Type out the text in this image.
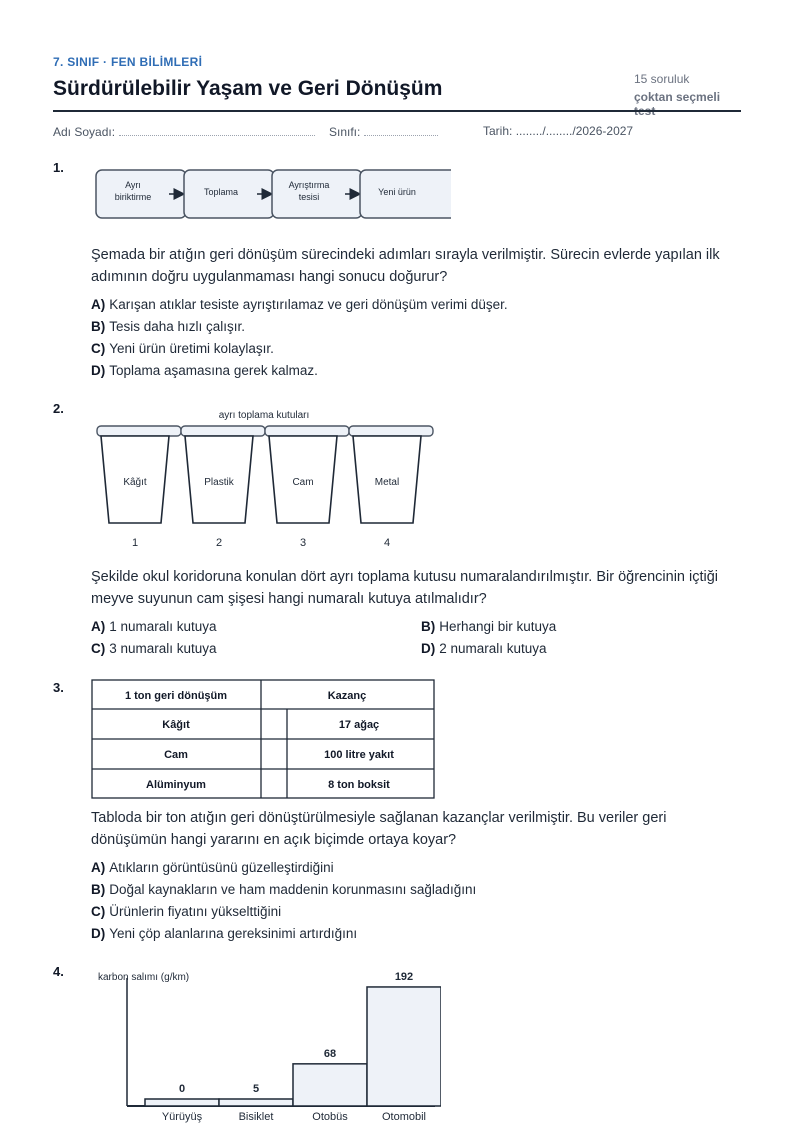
7. SINIF · FEN BİLİMLERİ
Sürdürülebilir Yaşam ve Geri Dönüşüm	15 soruluk
çoktan seçmeli test
Adı Soyadı:	Sınıfı:	Tarih: ......../......../2026-2027
1.
Ayrı
biriktirme	Toplama
Ayrıştırma
tesisi	Yeni ürün

Şemada bir atığın geri dönüşüm sürecindeki adımları sırayla verilmiştir. Sürecin evlerde yapılan ilk adımının doğru uygulanmaması hangi sonucu doğurur?

A) Karışan atıklar tesiste ayrıştırılamaz ve geri dönüşüm verimi düşer.
B) Tesis daha hızlı çalışır.
C) Yeni ürün üretimi kolaylaşır.
D) Toplama aşamasına gerek kalmaz.
2.	ayrı toplama kutuları
Kâğıt
1
Plastik
2
Cam
3
Metal
4

Şekilde okul koridoruna konulan dört ayrı toplama kutusu numaralandırılmıştır. Bir öğrencinin içtiği meyve suyunun cam şişesi hangi numaralı kutuya atılmalıdır?

A) 1 numaralı kutuya	B) Herhangi bir kutuya
C) 3 numaralı kutuya	D) 2 numaralı kutuya
3.
1 ton geri dönüşüm	Kazanç
Kâğıt	17 ağaç
Cam	100 litre yakıt
Alüminyum	8 ton boksit

Tabloda bir ton atığın geri dönüştürülmesiyle sağlanan kazançlar verilmiştir. Bu veriler geri dönüşümün hangi yararını en açık biçimde ortaya koyar?

A) Atıkların görüntüsünü güzelleştirdiğini
B) Doğal kaynakların ve ham maddenin korunmasını sağladığını
C) Ürünlerin fiyatını yükselttiğini
D) Yeni çöp alanlarına gereksinimi artırdığını
4.	karbon salımı (g/km)
0
Yürüyüş
5
Bisiklet
68
Otobüs
192
Otomobil
